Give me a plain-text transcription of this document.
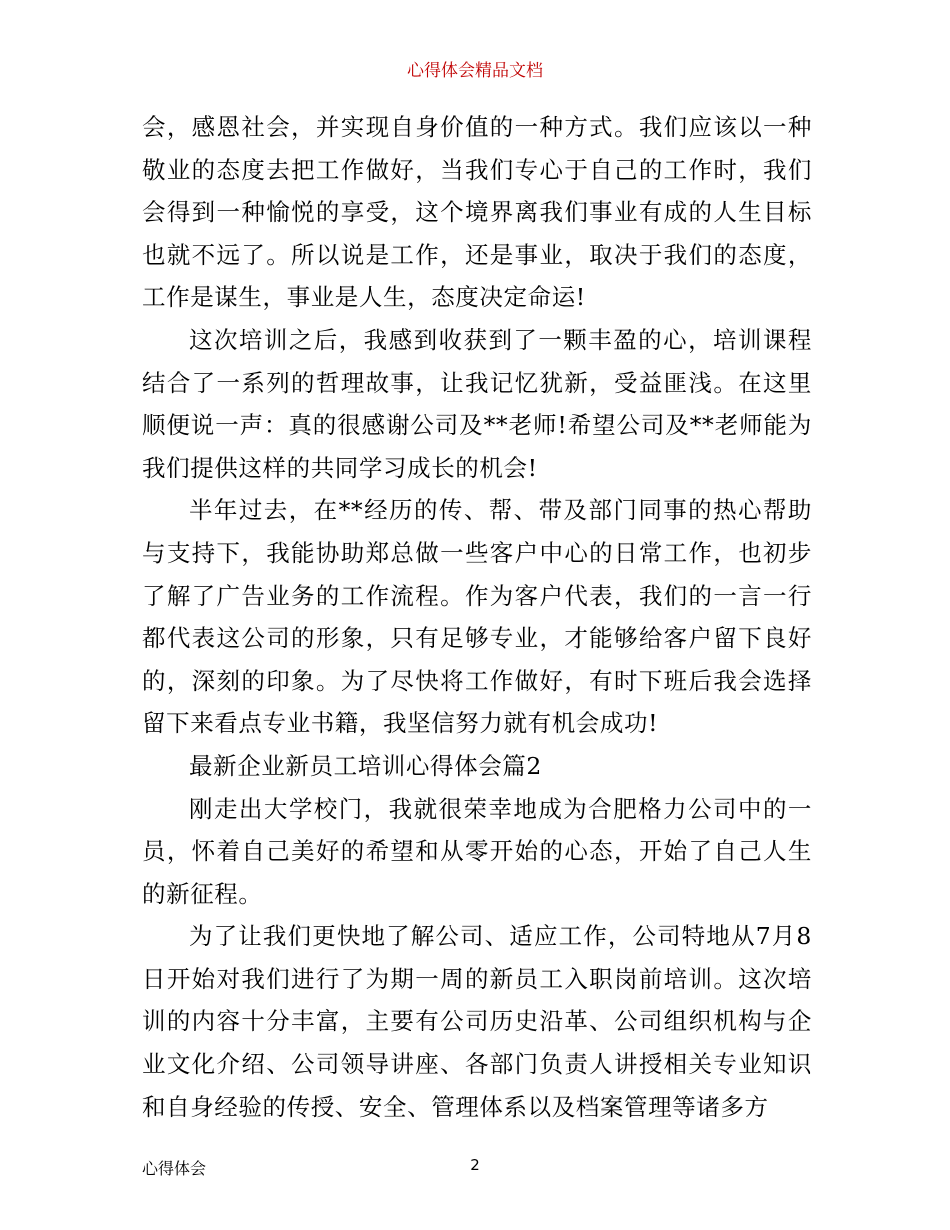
心得体会精品文档

会，感恩社会，并实现自身价值的一种方式。我们应该以一种敬业的态度去把工作做好，当我们专心于自己的工作时，我们会得到一种愉悦的享受，这个境界离我们事业有成的人生目标也就不远了。所以说是工作，还是事业，取决于我们的态度，工作是谋生，事业是人生，态度决定命运!

这次培训之后，我感到收获到了一颗丰盈的心，培训课程结合了一系列的哲理故事，让我记忆犹新，受益匪浅。在这里顺便说一声：真的很感谢公司及**老师!希望公司及**老师能为我们提供这样的共同学习成长的机会!

半年过去，在**经历的传、帮、带及部门同事的热心帮助与支持下，我能协助郑总做一些客户中心的日常工作，也初步了解了广告业务的工作流程。作为客户代表，我们的一言一行都代表这公司的形象，只有足够专业，才能够给客户留下良好的，深刻的印象。为了尽快将工作做好，有时下班后我会选择留下来看点专业书籍，我坚信努力就有机会成功!

最新企业新员工培训心得体会篇2

刚走出大学校门，我就很荣幸地成为合肥格力公司中的一员，怀着自己美好的希望和从零开始的心态，开始了自己人生的新征程。

为了让我们更快地了解公司、适应工作，公司特地从7月8日开始对我们进行了为期一周的新员工入职岗前培训。这次培训的内容十分丰富，主要有公司历史沿革、公司组织机构与企业文化介绍、公司领导讲座、各部门负责人讲授相关专业知识和自身经验的传授、安全、管理体系以及档案管理等诸多方

心得体会	2
